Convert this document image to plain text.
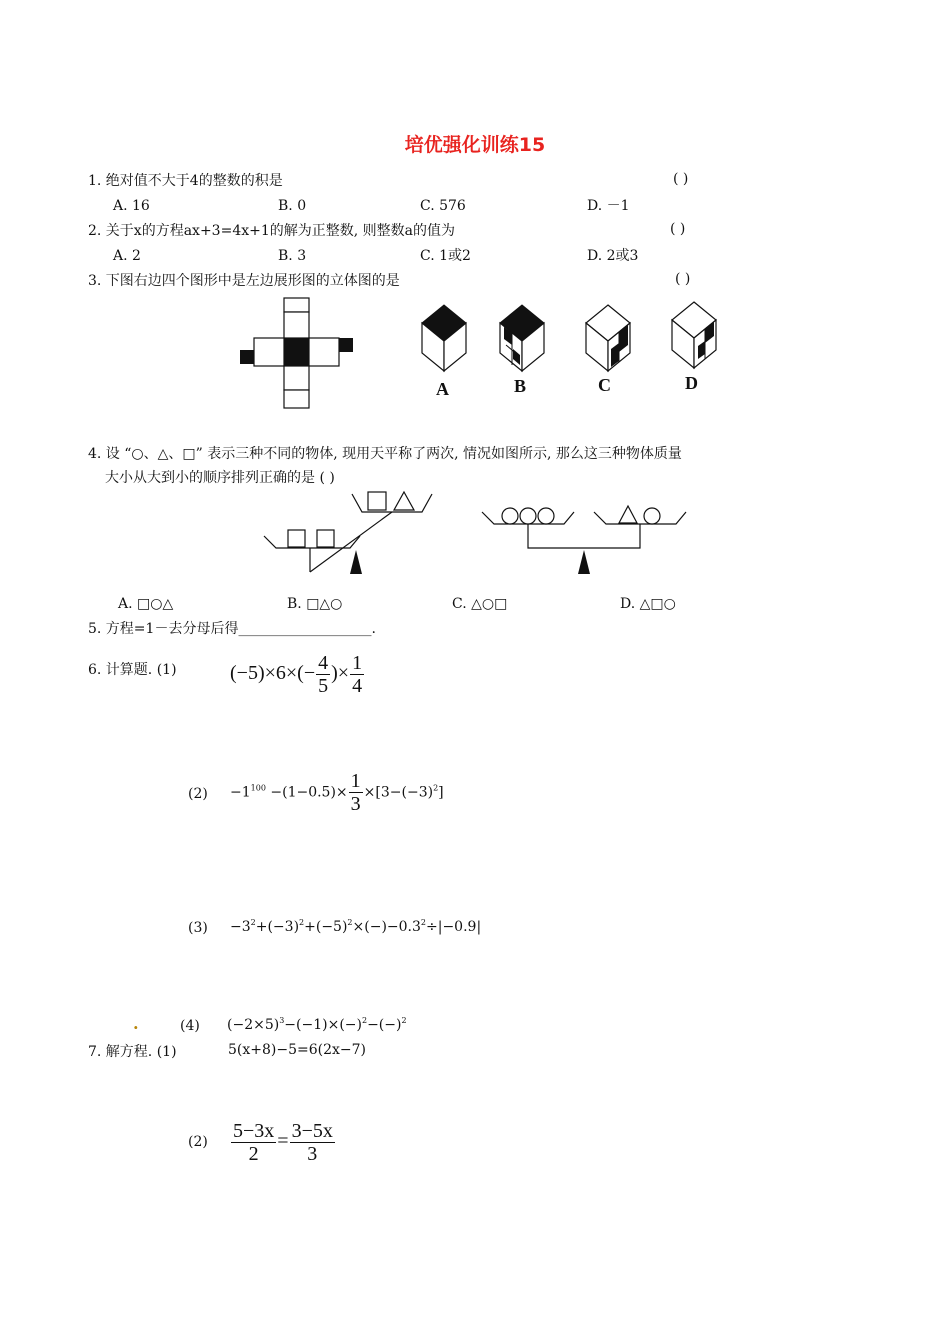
培优强化训练15
1. 绝对值不大于4的整数的积是	( )
A. 16	B. 0	C. 576	D. －1
2. 关于x的方程ax+3=4x+1的解为正整数, 则整数a的值为	( )
A. 2	B. 3	C. 1或2	D. 2或3
3. 下图右边四个图形中是左边展形图的立体图的是	( )
A	B	C	D
4. 设 “○、△、□” 表示三种不同的物体, 现用天平称了两次, 情况如图所示, 那么这三种物体质量
大小从大到小的顺序排列正确的是 ( )
A. □○△	B. □△○	C. △○□	D. △□○
5. 方程=1－去分母后得___________________.
6. 计算题. (1)	$(-5)\times 6\times(- \frac{4}{5}$ )× $\frac{1}{4}$
$(2) -1^{100} -(1-0.5)\times \frac{1}{3} \times[3-(-3)^2]$
$(3) -3^2+(-3)^2+(-5)^2\times(-)-0.3^2\div|-0.9|$
.	(4) $(-2\times 5)^3-(-1)\times(-)^2-(-)^2$
7. 解方程. (1)	5(x+8)−5=6(2x−7)
$(2) \frac{5-3x}{2} = \frac{3-5x}{3}$
